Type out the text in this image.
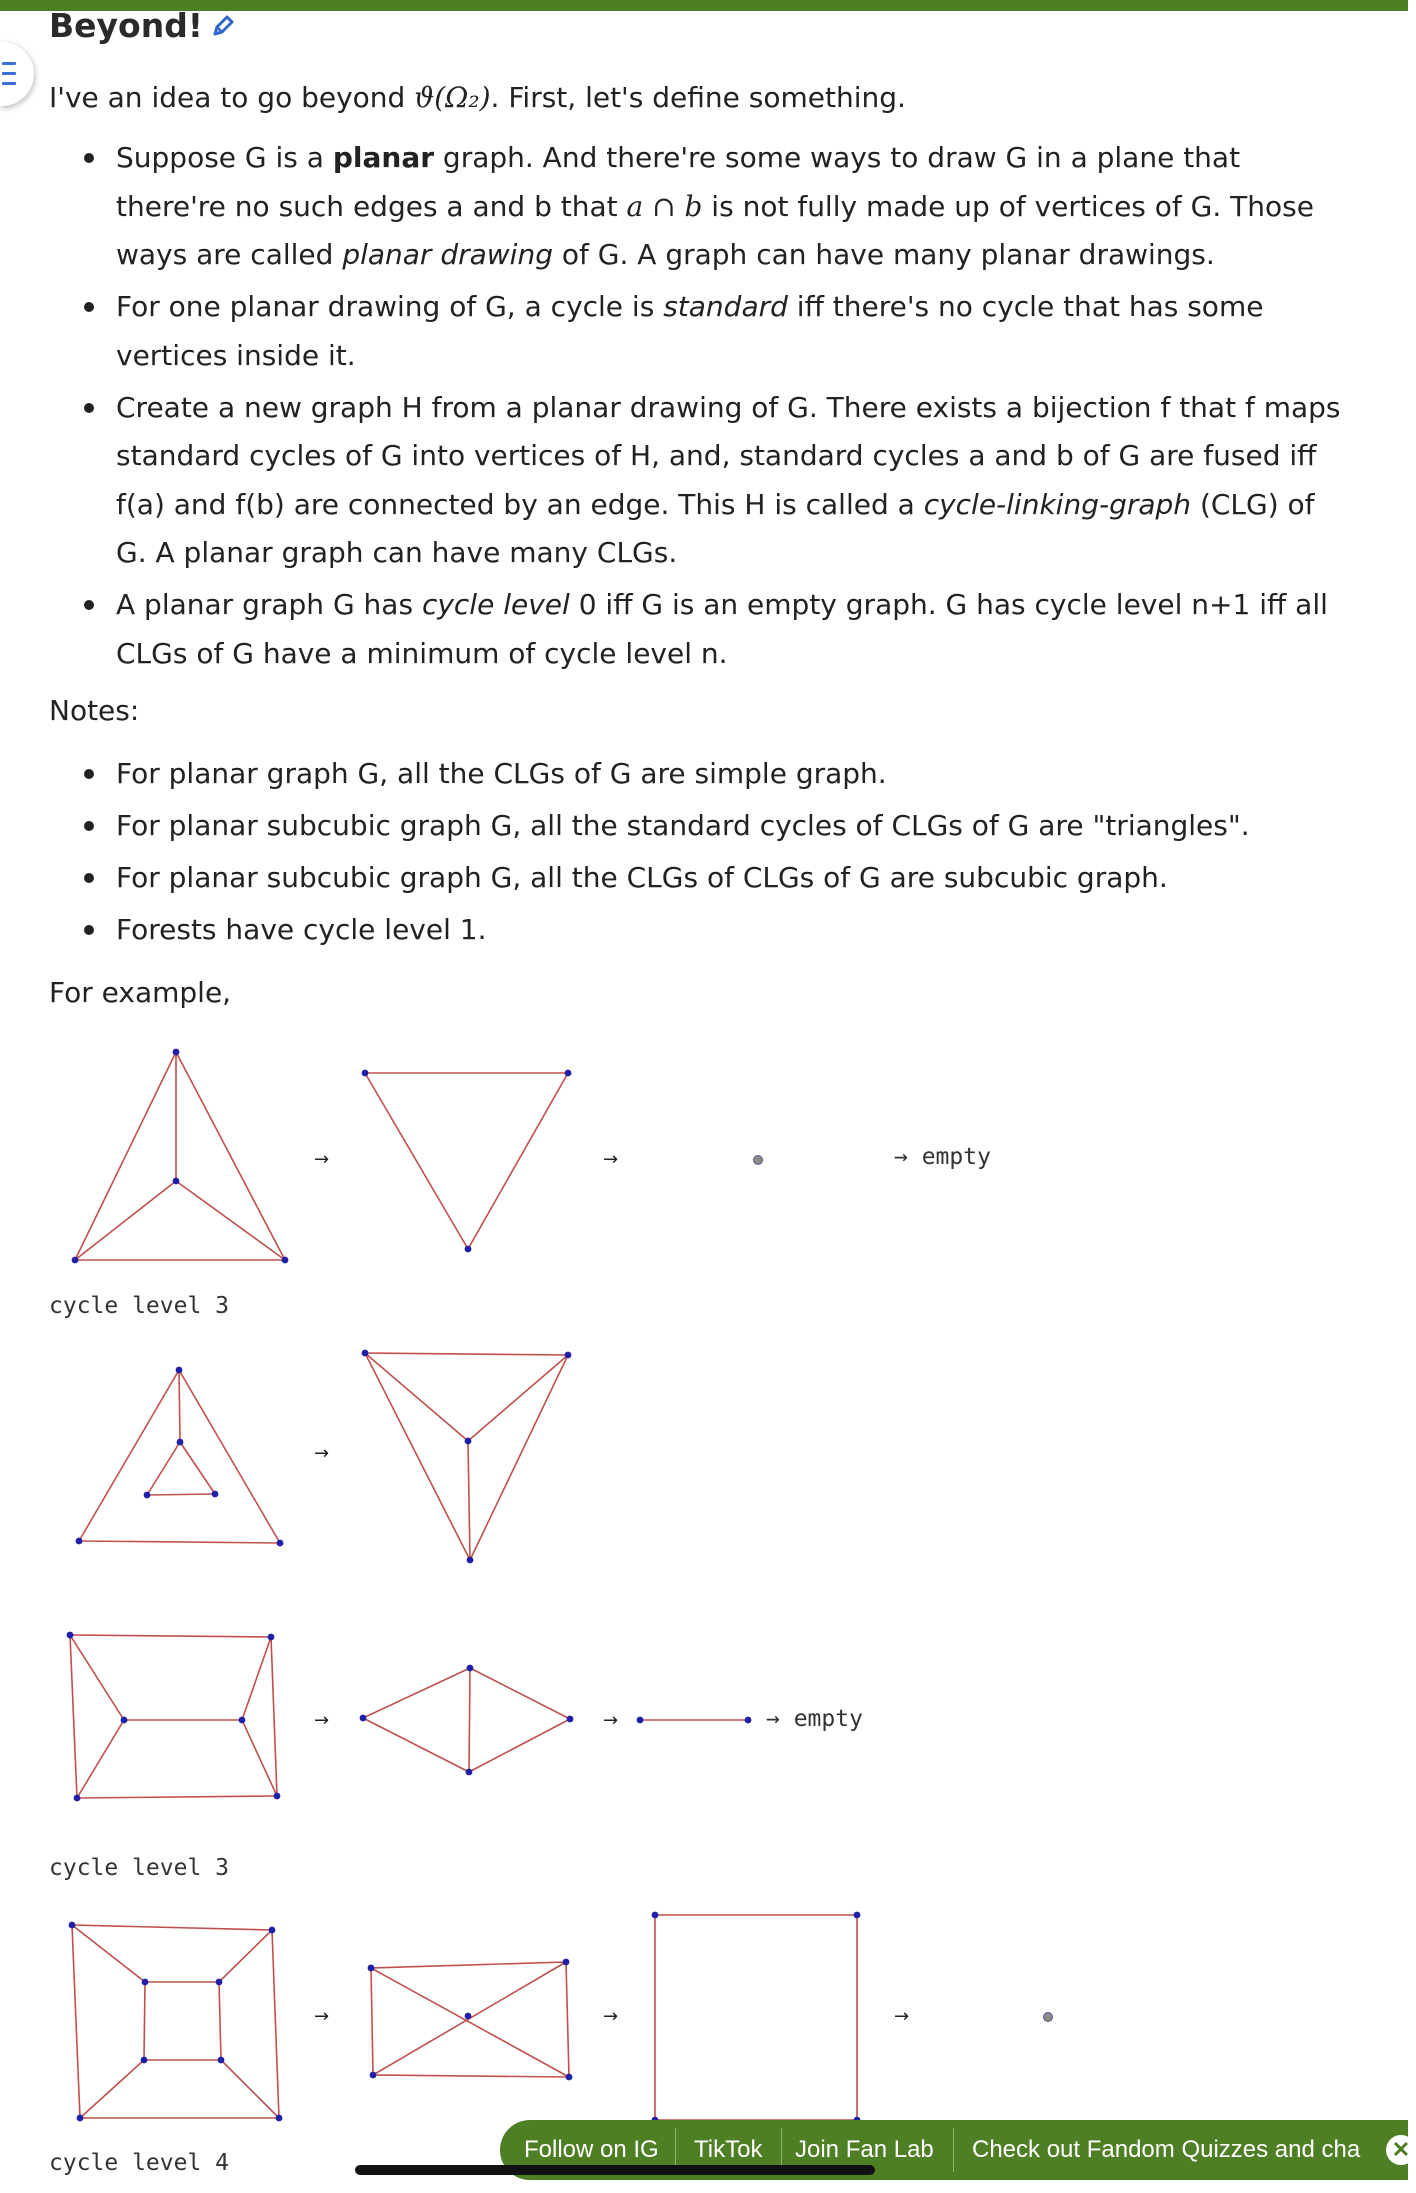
Beyond!

I've an idea to go beyond ϑ(Ω₂). First, let's define something.

Suppose G is a planar graph. And there're some ways to draw G in a plane that there're no such edges a and b that a ∩ b is not fully made up of vertices of G. Those ways are called planar drawing of G. A graph can have many planar drawings.
For one planar drawing of G, a cycle is standard iff there's no cycle that has some vertices inside it.
Create a new graph H from a planar drawing of G. There exists a bijection f that f maps standard cycles of G into vertices of H, and, standard cycles a and b of G are fused iff f(a) and f(b) are connected by an edge. This H is called a cycle-linking-graph (CLG) of G. A planar graph can have many CLGs.
A planar graph G has cycle level 0 iff G is an empty graph. G has cycle level n+1 iff all CLGs of G have a minimum of cycle level n.

Notes:

For planar graph G, all the CLGs of G are simple graph.
For planar subcubic graph G, all the standard cycles of CLGs of G are "triangles".
For planar subcubic graph G, all the CLGs of CLGs of G are subcubic graph.
Forests have cycle level 1.

For example,

→	→	→ empty
→
→	→	→ empty
→	→	→
cycle level 3
cycle level 3
cycle level 4	Follow on IG TikTok Join Fan Lab Check out Fandom Quizzes and cha ✕
